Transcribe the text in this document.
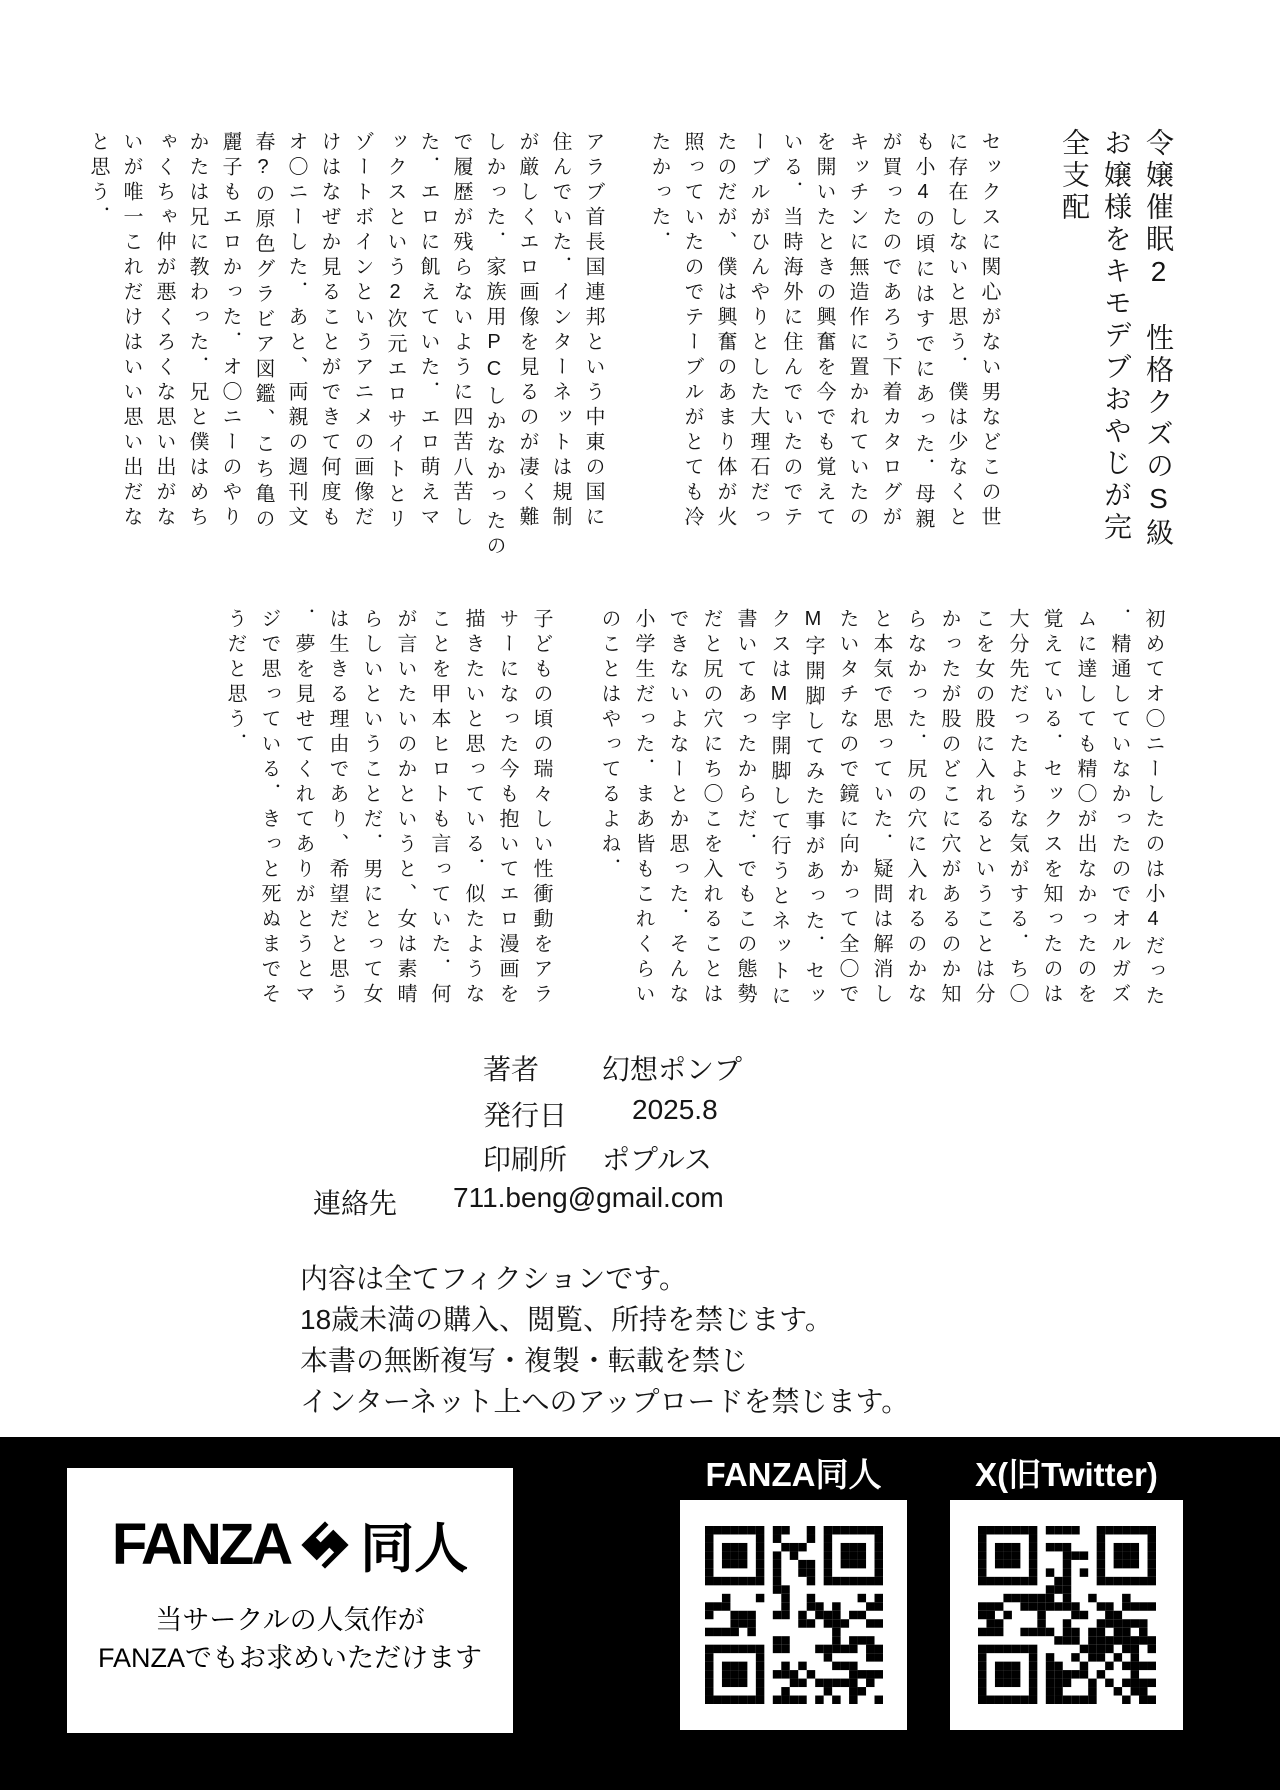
令嬢催眠2　性格クズのS級
お嬢様をキモデブおやじが完
全支配
セックスに関心がない男などこの世
に存在しないと思う．僕は少なくと
も小4の頃にはすでにあった．母親
が買ったのであろう下着カタログが
キッチンに無造作に置かれていたの
を開いたときの興奮を今でも覚えて
いる．当時海外に住んでいたのでテ
ーブルがひんやりとした大理石だっ
たのだが、僕は興奮のあまり体が火
照っていたのでテーブルがとても冷
たかった．
アラブ首長国連邦という中東の国に
住んでいた．インターネットは規制
が厳しくエロ画像を見るのが凄く難
しかった．家族用PCしかなかったの
で履歴が残らないように四苦八苦し
た．エロに飢えていた．エロ萌えマ
ックスという2次元エロサイトとリ
ゾートボインというアニメの画像だ
けはなぜか見ることができて何度も
オ〇ニーした．あと、両親の週刊文
春?の原色グラビア図鑑、こち亀の
麗子もエロかった．オ〇ニーのやり
かたは兄に教わった．兄と僕はめち
ゃくちゃ仲が悪くろくな思い出がな
いが唯一これだけはいい思い出だな
と思う．
初めてオ〇ニーしたのは小4だった
．精通していなかったのでオルガズ
ムに達しても精〇が出なかったのを
覚えている．セックスを知ったのは
大分先だったような気がする．ち〇
こを女の股に入れるということは分
かったが股のどこに穴があるのか知
らなかった．尻の穴に入れるのかな
と本気で思っていた．疑問は解消し
たいタチなので鏡に向かって全〇で
M字開脚してみた事があった．セッ
クスはM字開脚して行うとネットに
書いてあったからだ．でもこの態勢
だと尻の穴にち〇こを入れることは
できないよなーとか思った．そんな
小学生だった．まあ皆もこれくらい
のことはやってるよね．
子どもの頃の瑞々しい性衝動をアラ
サーになった今も抱いてエロ漫画を
描きたいと思っている．似たような
ことを甲本ヒロトも言っていた．何
が言いたいのかというと、女は素晴
らしいということだ．男にとって女
は生きる理由であり、希望だと思う
．夢を見せてくれてありがとうとマ
ジで思っている．きっと死ぬまでそ
うだと思う．
著者 幻想ポンプ
発行日 2025.8
印刷所 ポプルス
連絡先 711.beng@gmail.com
内容は全てフィクションです。
18歳未満の購入、閲覧、所持を禁じます。
本書の無断複写・複製・転載を禁じ
インターネット上へのアップロードを禁じます。
FANZA 同人
当サークルの人気作が
FANZAでもお求めいただけます
FANZA同人	X(旧Twitter)
